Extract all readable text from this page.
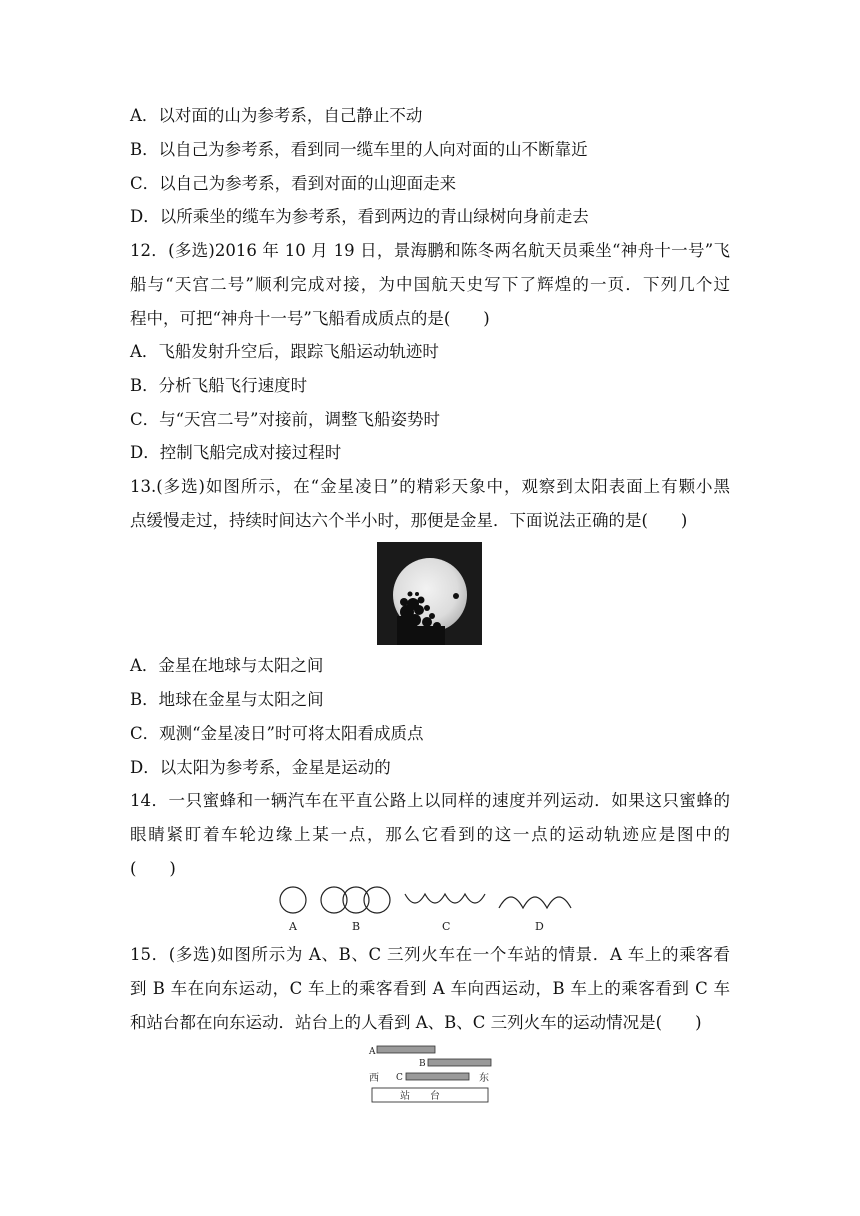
A．以对面的山为参考系，自己静止不动
B．以自己为参考系，看到同一缆车里的人向对面的山不断靠近
C．以自己为参考系，看到对面的山迎面走来
D．以所乘坐的缆车为参考系，看到两边的青山绿树向身前走去
12．(多选)2016 年 10 月 19 日，景海鹏和陈冬两名航天员乘坐“神舟十一号”飞
船与“天宫二号”顺利完成对接，为中国航天史写下了辉煌的一页．下列几个过
程中，可把“神舟十一号”飞船看成质点的是(　　)
A．飞船发射升空后，跟踪飞船运动轨迹时
B．分析飞船飞行速度时
C．与“天宫二号”对接前，调整飞船姿势时
D．控制飞船完成对接过程时
13.(多选)如图所示，在“金星凌日”的精彩天象中，观察到太阳表面上有颗小黑
点缓慢走过，持续时间达六个半小时，那便是金星．下面说法正确的是(　　)
A．金星在地球与太阳之间
B．地球在金星与太阳之间
C．观测“金星凌日”时可将太阳看成质点
D．以太阳为参考系，金星是运动的
14．一只蜜蜂和一辆汽车在平直公路上以同样的速度并列运动．如果这只蜜蜂的
眼睛紧盯着车轮边缘上某一点，那么它看到的这一点的运动轨迹应是图中的
(　　)
A	B	C	D
15．(多选)如图所示为 A、B、C 三列火车在一个车站的情景．A 车上的乘客看
到 B 车在向东运动，C 车上的乘客看到 A 车向西运动，B 车上的乘客看到 C 车
和站台都在向东运动．站台上的人看到 A、B、C 三列火车的运动情况是(　　)
A
B
西 C	东
站　　台
